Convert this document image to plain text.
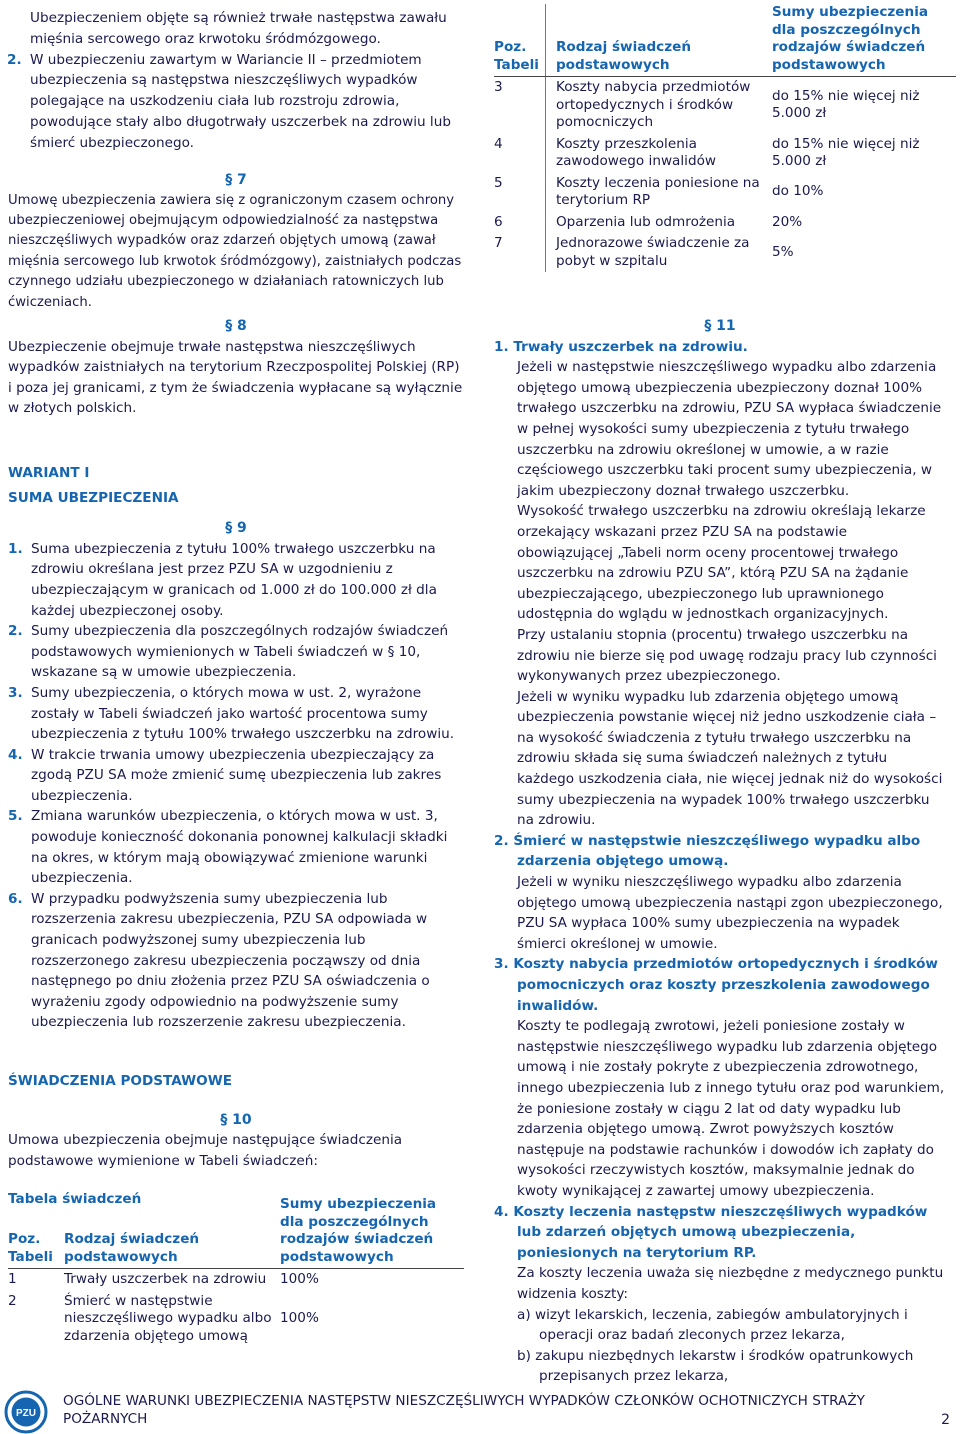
Ubezpieczeniem objęte są również trwałe następstwa zawału mięśnia sercowego oraz krwotoku śródmózgowego.

2. W ubezpieczeniu zawartym w Wariancie II – przedmiotem ubezpieczenia są następstwa nieszczęśliwych wypadków polegające na uszkodzeniu ciała lub rozstroju zdrowia, powodujące stały albo długotrwały uszczerbek na zdrowiu lub śmierć ubezpieczonego.

§ 7

Umowę ubezpieczenia zawiera się z ograniczonym czasem ochrony ubezpieczeniowej obejmującym odpowiedzialność za następstwa nieszczęśliwych wypadków oraz zdarzeń objętych umową (zawał mięśnia sercowego lub krwotok śródmózgowy), zaistniałych podczas czynnego udziału ubezpieczonego w działaniach ratowniczych lub ćwiczeniach.

Poz. Tabeli	Rodzaj świadczeń podstawowych	Sumy ubezpieczenia dla poszczególnych rodzajów świadczeń podstawowych
3	Koszty nabycia przedmiotów ortopedycznych i środków pomocniczych	do 15% nie więcej niż 5.000 zł
4	Koszty przeszkolenia zawodowego inwalidów	do 15% nie więcej niż 5.000 zł
5	Koszty leczenia poniesione na terytorium RP	do 10%
6	Oparzenia lub odmrożenia	20%
7	Jednorazowe świadczenie za pobyt w szpitalu	5%

§ 8

Ubezpieczenie obejmuje trwałe następstwa nieszczęśliwych wypadków zaistniałych na terytorium Rzeczpospolitej Polskiej (RP) i poza jej granicami, z tym że świadczenia wypłacane są wyłącznie w złotych polskich.

WARIANT I

SUMA UBEZPIECZENIA

§ 9

1. Suma ubezpieczenia z tytułu 100% trwałego uszczerbku na zdrowiu określana jest przez PZU SA w uzgodnieniu z ubezpieczającym w granicach od 1.000 zł do 100.000 zł dla każdej ubezpieczonej osoby.

2. Sumy ubezpieczenia dla poszczególnych rodzajów świadczeń podstawowych wymienionych w Tabeli świadczeń w § 10, wskazane są w umowie ubezpieczenia.

3. Sumy ubezpieczenia, o których mowa w ust. 2, wyrażone zostały w Tabeli świadczeń jako wartość procentowa sumy ubezpieczenia z tytułu 100% trwałego uszczerbku na zdrowiu.

4. W trakcie trwania umowy ubezpieczenia ubezpieczający za zgodą PZU SA może zmienić sumę ubezpieczenia lub zakres ubezpieczenia.

5. Zmiana warunków ubezpieczenia, o których mowa w ust. 3, powoduje konieczność dokonania ponownej kalkulacji składki na okres, w którym mają obowiązywać zmienione warunki ubezpieczenia.

6. W przypadku podwyższenia sumy ubezpieczenia lub rozszerzenia zakresu ubezpieczenia, PZU SA odpowiada w granicach podwyższonej sumy ubezpieczenia lub rozszerzonego zakresu ubezpieczenia począwszy od dnia następnego po dniu złożenia przez PZU SA oświadczenia o wyrażeniu zgody odpowiednio na podwyższenie sumy ubezpieczenia lub rozszerzenie zakresu ubezpieczenia.

ŚWIADCZENIA PODSTAWOWE

§ 10

Umowa ubezpieczenia obejmuje następujące świadczenia podstawowe wymienione w Tabeli świadczeń:

Tabela świadczeń

Poz. Tabeli	Rodzaj świadczeń podstawowych	Sumy ubezpieczenia dla poszczególnych rodzajów świadczeń podstawowych
1	Trwały uszczerbek na zdrowiu	100%
2	Śmierć w następstwie nieszczęśliwego wypadku albo zdarzenia objętego umową	100%

§ 11

1. Trwały uszczerbek na zdrowiu.

Jeżeli w następstwie nieszczęśliwego wypadku albo zdarzenia objętego umową ubezpieczenia ubezpieczony doznał 100% trwałego uszczerbku na zdrowiu, PZU SA wypłaca świadczenie w pełnej wysokości sumy ubezpieczenia z tytułu trwałego uszczerbku na zdrowiu określonej w umowie, a w razie częściowego uszczerbku taki procent sumy ubezpieczenia, w jakim ubezpieczony doznał trwałego uszczerbku.

Wysokość trwałego uszczerbku na zdrowiu określają lekarze orzekający wskazani przez PZU SA na podstawie obowiązującej „Tabeli norm oceny procentowej trwałego uszczerbku na zdrowiu PZU SA”, którą PZU SA na żądanie ubezpieczającego, ubezpieczonego lub uprawnionego udostępnia do wglądu w jednostkach organizacyjnych.

Przy ustalaniu stopnia (procentu) trwałego uszczerbku na zdrowiu nie bierze się pod uwagę rodzaju pracy lub czynności wykonywanych przez ubezpieczonego.

Jeżeli w wyniku wypadku lub zdarzenia objętego umową ubezpieczenia powstanie więcej niż jedno uszkodzenie ciała – na wysokość świadczenia z tytułu trwałego uszczerbku na zdrowiu składa się suma świadczeń należnych z tytułu każdego uszkodzenia ciała, nie więcej jednak niż do wysokości sumy ubezpieczenia na wypadek 100% trwałego uszczerbku na zdrowiu.

2. Śmierć w następstwie nieszczęśliwego wypadku albo zdarzenia objętego umową.

Jeżeli w wyniku nieszczęśliwego wypadku albo zdarzenia objętego umową ubezpieczenia nastąpi zgon ubezpieczonego, PZU SA wypłaca 100% sumy ubezpieczenia na wypadek śmierci określonej w umowie.

3. Koszty nabycia przedmiotów ortopedycznych i środków pomocniczych oraz koszty przeszkolenia zawodowego inwalidów.

Koszty te podlegają zwrotowi, jeżeli poniesione zostały w następstwie nieszczęśliwego wypadku lub zdarzenia objętego umową i nie zostały pokryte z ubezpieczenia zdrowotnego, innego ubezpieczenia lub z innego tytułu oraz pod warunkiem, że poniesione zostały w ciągu 2 lat od daty wypadku lub zdarzenia objętego umową. Zwrot powyższych kosztów następuje na podstawie rachunków i dowodów ich zapłaty do wysokości rzeczywistych kosztów, maksymalnie jednak do kwoty wynikającej z zawartej umowy ubezpieczenia.

4. Koszty leczenia następstw nieszczęśliwych wypadków lub zdarzeń objętych umową ubezpieczenia, poniesionych na terytorium RP.

Za koszty leczenia uważa się niezbędne z medycznego punktu widzenia koszty:

a) wizyt lekarskich, leczenia, zabiegów ambulatoryjnych i operacji oraz badań zleconych przez lekarza,

b) zakupu niezbędnych lekarstw i środków opatrunkowych przepisanych przez lekarza,

PZU
OGÓLNE WARUNKI UBEZPIECZENIA NASTĘPSTW NIESZCZĘŚLIWYCH WYPADKÓW CZŁONKÓW OCHOTNICZYCH STRAŻY POŻARNYCH	2
